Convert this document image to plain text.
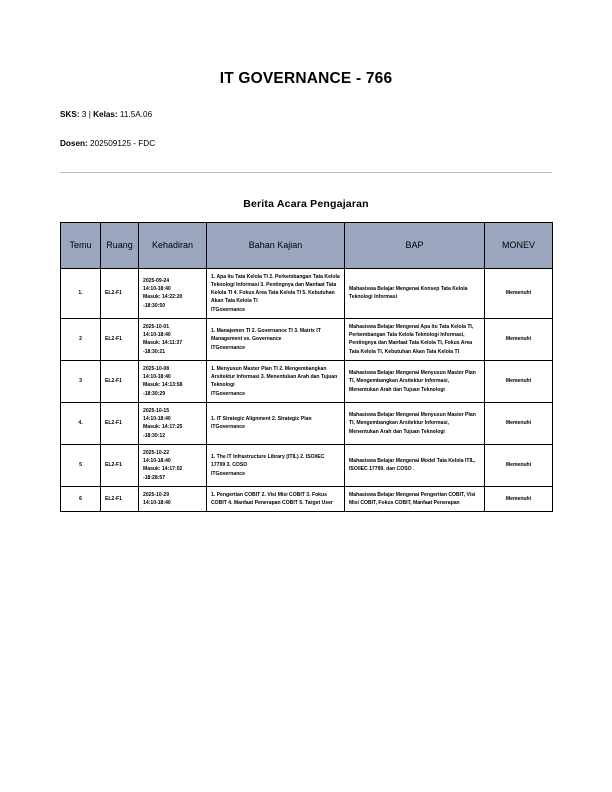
IT GOVERNANCE - 766
SKS: 3 | Kelas: 11.5A.06
Dosen: 202509125 - FDC
Berita Acara Pengajaran
Temu	Ruang	Kehadiran	Bahan Kajian	BAP	MONEV
1.	EL2-F1	2025-09-24
14:10-18:40
Masuk: 14:22:20
-18:30:50	1. Apa itu Tata Kelola TI 2. Perkembangan Tata Kelola Teknologi Informasi 3. Pentingnya dan Manfaat Tata Kelola TI 4. Fokus Area Tata Kelola TI 5. Kebutuhan Akan Tata Kelola TI
ITGovernance	Mahasiswa Belajar Mengenai Konsep Tata Kelola Teknologi Informasi	Memenuhi
2	EL2-F1	2025-10-01
14:10-18:40
Masuk: 14:11:37
-18:30:21	1. Manajemen TI 2. Governance TI 3. Matrix IT Management vs. Governance
ITGovernance	Mahasiswa Belajar Mengenai Apa itu Tata Kelola TI, Perkembangan Tata Kelola Teknologi Informasi, Pentingnya dan Manfaat Tata Kelola TI, Fokus Area Tata Kelola TI, Kebutuhan Akan Tata Kelola TI	Memenuhi
3	EL2-F1	2025-10-08
14:10-18:40
Masuk: 14:13:58
-18:30:29	1. Menyusun Master Plan TI 2. Mengembangkan Arsitektur Informasi 3. Menentukan Arah dan Tujuan Teknologi
ITGovernance	Mahasiswa Belajar Mengenai Menyusun Master Plan TI, Mengembangkan Arsitektur Informasi, Menentukan Arah dan Tujuan Teknologi	Memenuhi
4.	EL2-F1	2025-10-15
14:10-18:40
Masuk: 14:17:25
-18:30:12	1. IT Strategic Alignment 2. Strategic Plan
ITGovernance	Mahasiswa Belajar Mengenai Menyusun Master Plan TI, Mengembangkan Arsitektur Informasi, Menentukan Arah dan Tujuan Teknologi	Memenuhi
5	EL2-F1	2025-10-22
14:10-18:40
Masuk: 14:17:02
-18:28:57	1. The IT Infrastructure Library (ITIL) 2. ISO/IEC 17799 3. COSO
ITGovernance	Mahasiswa Belajar Mengenai Model Tata Kelola ITIL, ISO/IEC 17799, dan COSO .	Memenuhi
6	EL2-F1	2025-10-29
14:10-18:40	1. Pengertian COBIT 2. Visi Misi COBIT 3. Fokus COBIT 4. Manfaat Penerapan COBIT 5. Target User	Mahasiswa Belajar Mengenai Pengertian COBIT, Visi Misi COBIT, Fokus COBIT, Manfaat Penerapan	Memenuhi
